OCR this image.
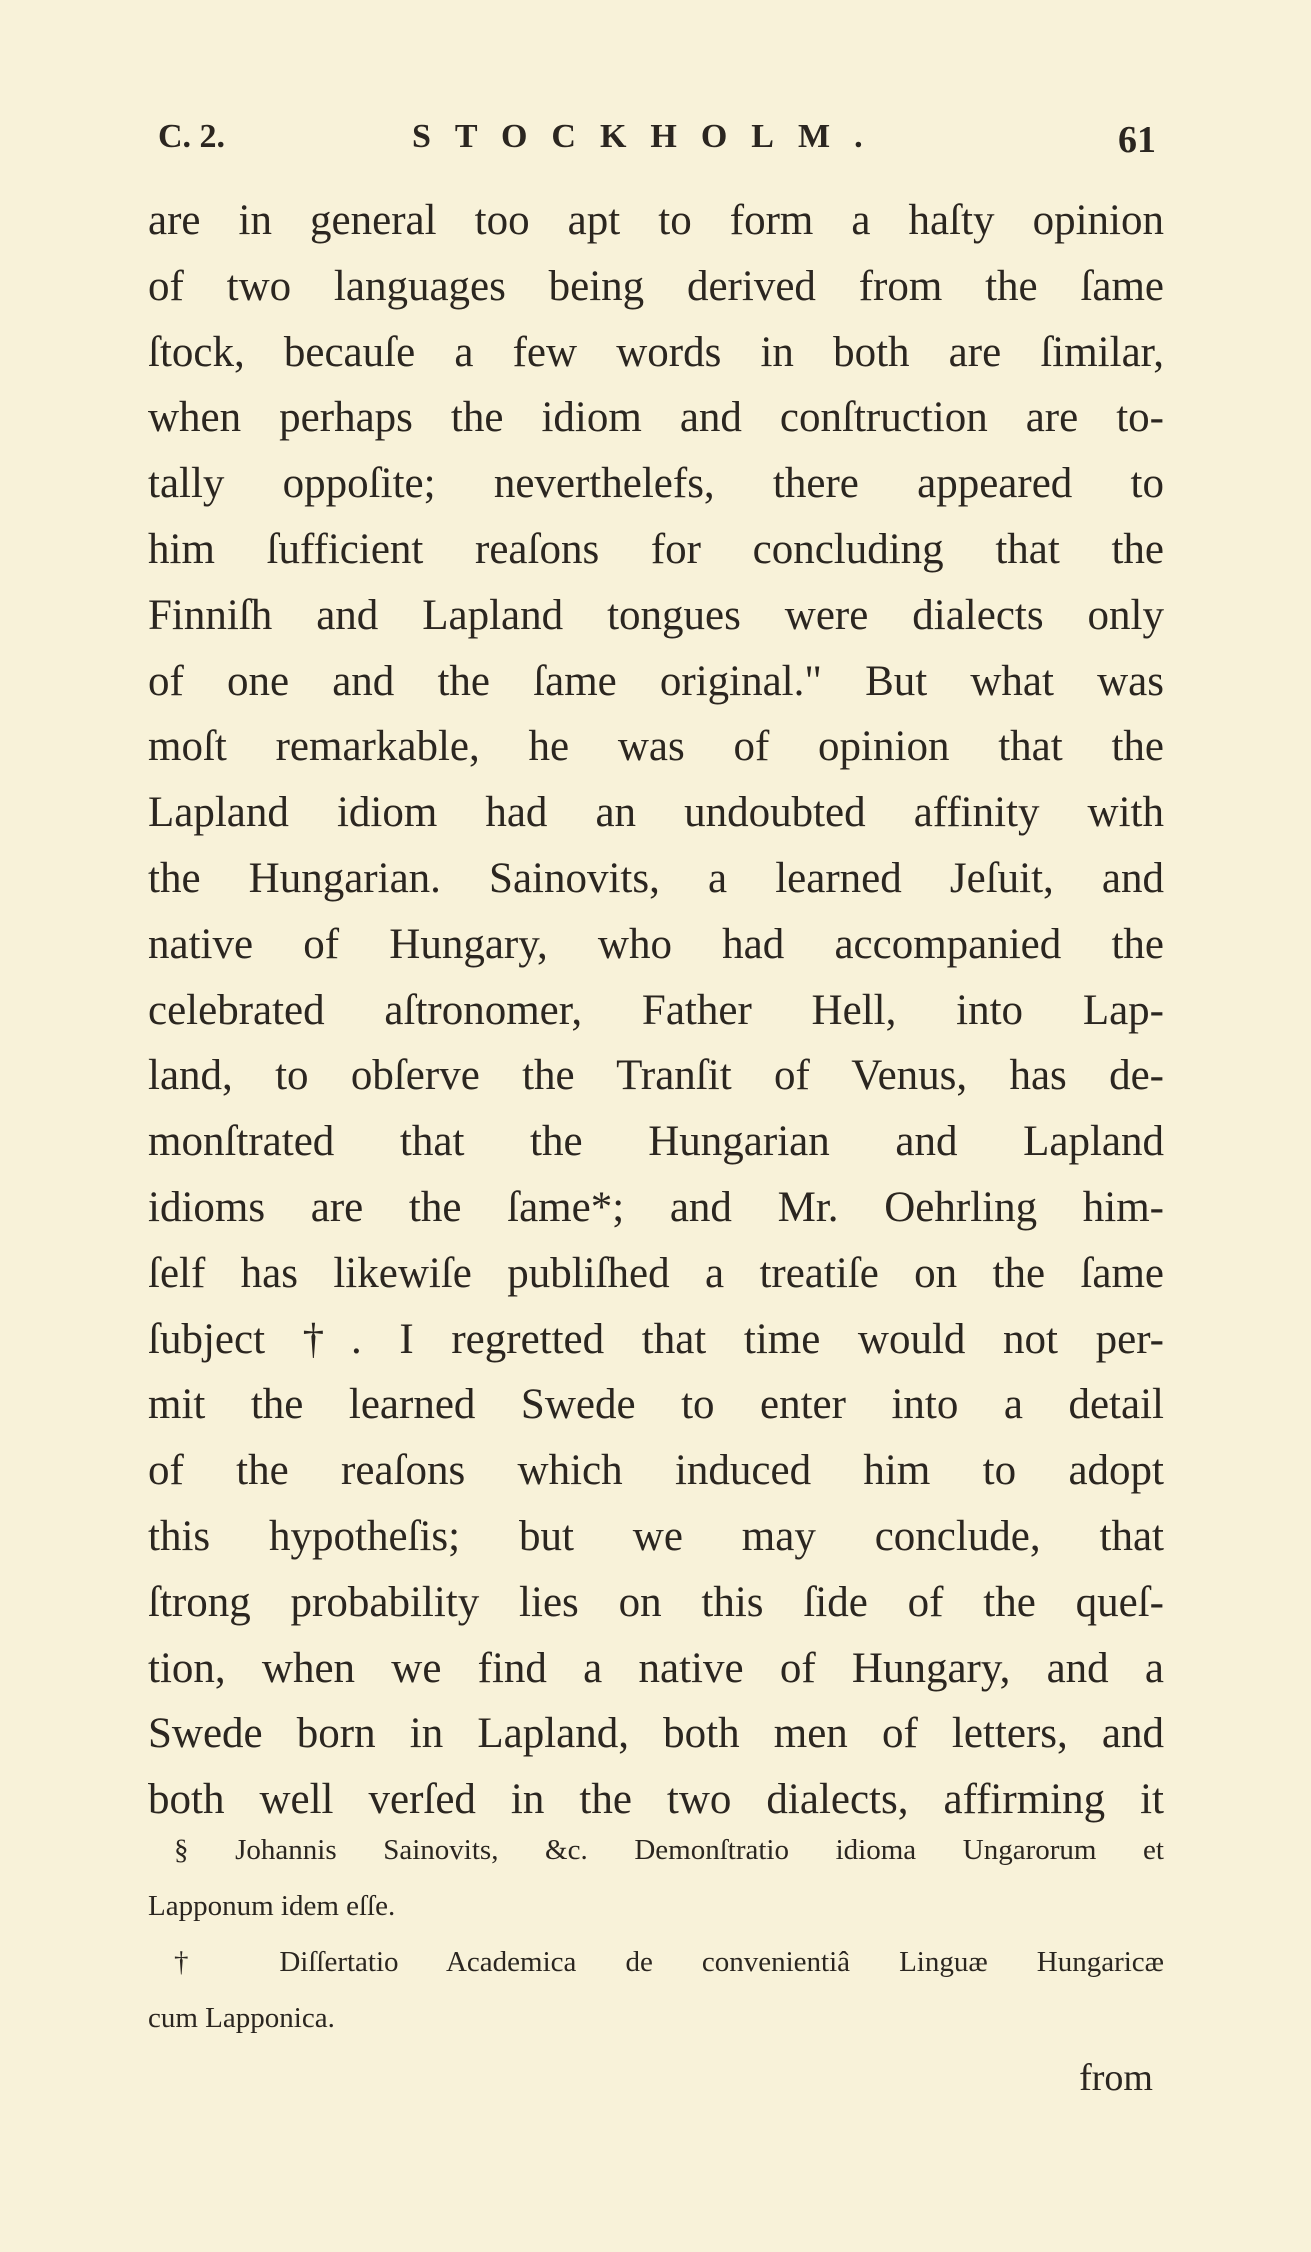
C. 2.	STOCKHOLM.	61
are in general too apt to form a haſty opinion
of two languages being derived from the ſame
ſtock, becauſe a few words in both are ſimilar,
when perhaps the idiom and conſtruction are to-
tally oppoſite; neverthelefs, there appeared to
him ſufficient reaſons for concluding that the
Finniſh and Lapland tongues were dialects only
of one and the ſame original." But what was
moſt remarkable, he was of opinion that the
Lapland idiom had an undoubted affinity with
the Hungarian. Sainovits, a learned Jeſuit, and
native of Hungary, who had accompanied the
celebrated aſtronomer, Father Hell, into Lap-
land, to obſerve the Tranſit of Venus, has de-
monſtrated that the Hungarian and Lapland
idioms are the ſame*; and Mr. Oehrling him-
ſelf has likewiſe publiſhed a treatiſe on the ſame
ſubject †. I regretted that time would not per-
mit the learned Swede to enter into a detail
of the reaſons which induced him to adopt
this hypotheſis; but we may conclude, that
ſtrong probability lies on this ſide of the queſ-
tion, when we find a native of Hungary, and a
Swede born in Lapland, both men of letters, and
both well verſed in the two dialects, affirming it
§ Johannis Sainovits, &c. Demonſtratio idioma Ungarorum et
Lapponum idem eſſe.
† Diſſertatio Academica de convenientiâ Linguæ Hungaricæ
cum Lapponica.
from
